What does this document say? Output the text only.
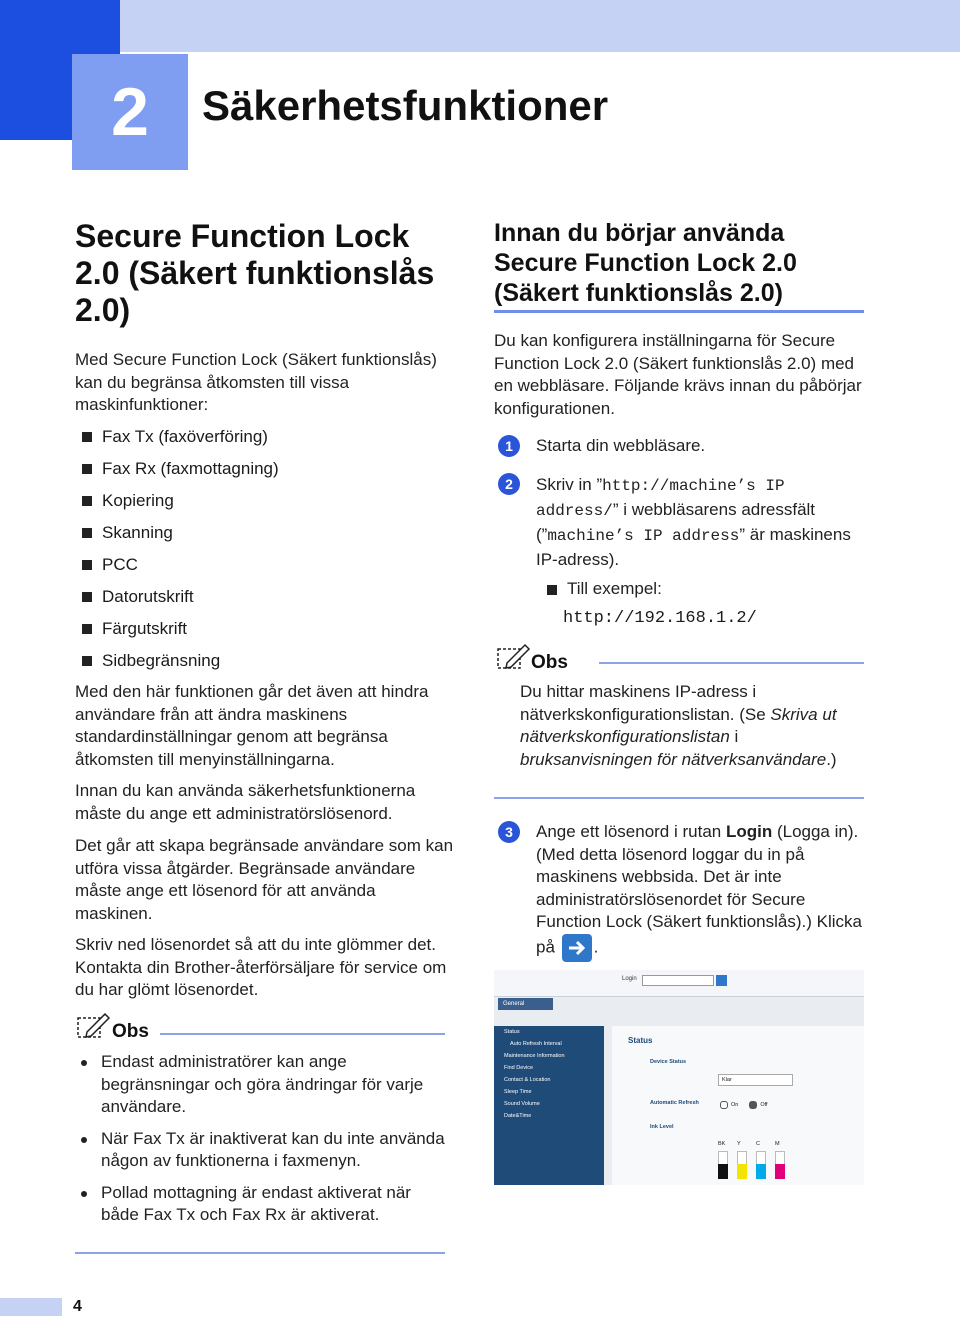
2	Säkerhetsfunktioner
Secure Function Lock 2.0 (Säkert funktionslås 2.0)
Med Secure Function Lock (Säkert funktionslås) kan du begränsa åtkomsten till vissa maskinfunktioner:
Fax Tx (faxöverföring)
Fax Rx (faxmottagning)
Kopiering
Skanning
PCC
Datorutskrift
Färgutskrift
Sidbegränsning
Med den här funktionen går det även att hindra användare från att ändra maskinens standardinställningar genom att begränsa åtkomsten till menyinställningarna.
Innan du kan använda säkerhetsfunktionerna måste du ange ett administratörslösenord.
Det går att skapa begränsade användare som kan utföra vissa åtgärder. Begränsade användare måste ange ett lösenord för att använda maskinen.
Skriv ned lösenordet så att du inte glömmer det. Kontakta din Brother-återförsäljare för service om du har glömt lösenordet.
Obs
Endast administratörer kan ange begränsningar och göra ändringar för varje användare.
När Fax Tx är inaktiverat kan du inte använda någon av funktionerna i faxmenyn.
Pollad mottagning är endast aktiverat när både Fax Tx och Fax Rx är aktiverat.
Innan du börjar använda Secure Function Lock 2.0 (Säkert funktionslås 2.0)
Du kan konfigurera inställningarna för Secure Function Lock 2.0 (Säkert funktionslås 2.0) med en webbläsare. Följande krävs innan du påbörjar konfigurationen.
1	Starta din webbläsare.
2	Skriv in ”http://machine’s IP address/” i webbläsarens adressfält (”machine’s IP address” är maskinens IP-adress).
Till exempel:
http://192.168.1.2/
Obs
Du hittar maskinens IP-adress i nätverkskonfigurationslistan. (Se Skriva ut nätverkskonfigurationslistan i bruksanvisningen för nätverksanvändare.)
3	Ange ett lösenord i rutan Login (Logga in). (Med detta lösenord loggar du in på maskinens webbsida. Det är inte administratörslösenordet för Secure Function Lock (Säkert funktionslås).) Klicka på
.
Login
General
Status
Auto Refresh Interval
Maintenance Information
Find Device
Contact & Location
Sleep Time
Sound Volume
Date&Time
Status
Device Status
Klar
Automatic Refresh	On	Off
Ink Level
BK Y	C	M
4
